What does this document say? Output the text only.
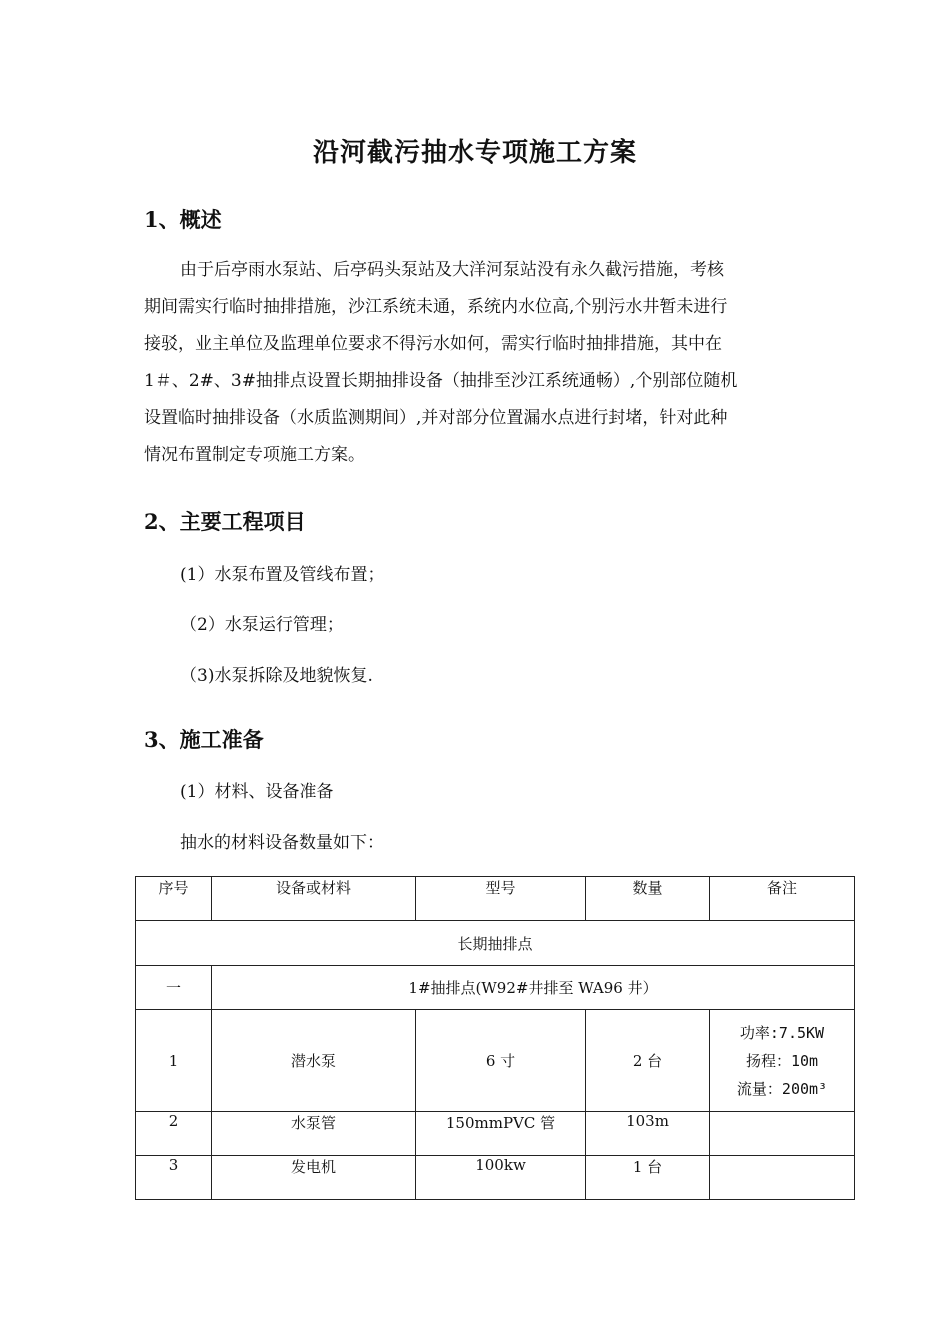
沿河截污抽水专项施工方案
1、概述
由于后亭雨水泵站、后亭码头泵站及大洋河泵站没有永久截污措施，考核
期间需实行临时抽排措施，沙江系统未通，系统内水位高,个别污水井暂未进行
接驳，业主单位及监理单位要求不得污水如何，需实行临时抽排措施，其中在
1＃、2#、3#抽排点设置长期抽排设备（抽排至沙江系统通畅）,个别部位随机
设置临时抽排设备（水质监测期间）,并对部分位置漏水点进行封堵，针对此种
情况布置制定专项施工方案。
2、主要工程项目
(1）水泵布置及管线布置；
（2）水泵运行管理；
（3)水泵拆除及地貌恢复.
3、施工准备
(1）材料、设备准备
抽水的材料设备数量如下：
序号	设备或材料	型号	数量	备注
长期抽排点				
一	1#抽排点(W92#井排至 WA96 井）			
1	潜水泵	6 寸	2 台	功率:7.5KW
扬程：10m
流量：200m³

2	水泵管	150mmPVC 管	103m	
3	发电机	100kw	1 台	
